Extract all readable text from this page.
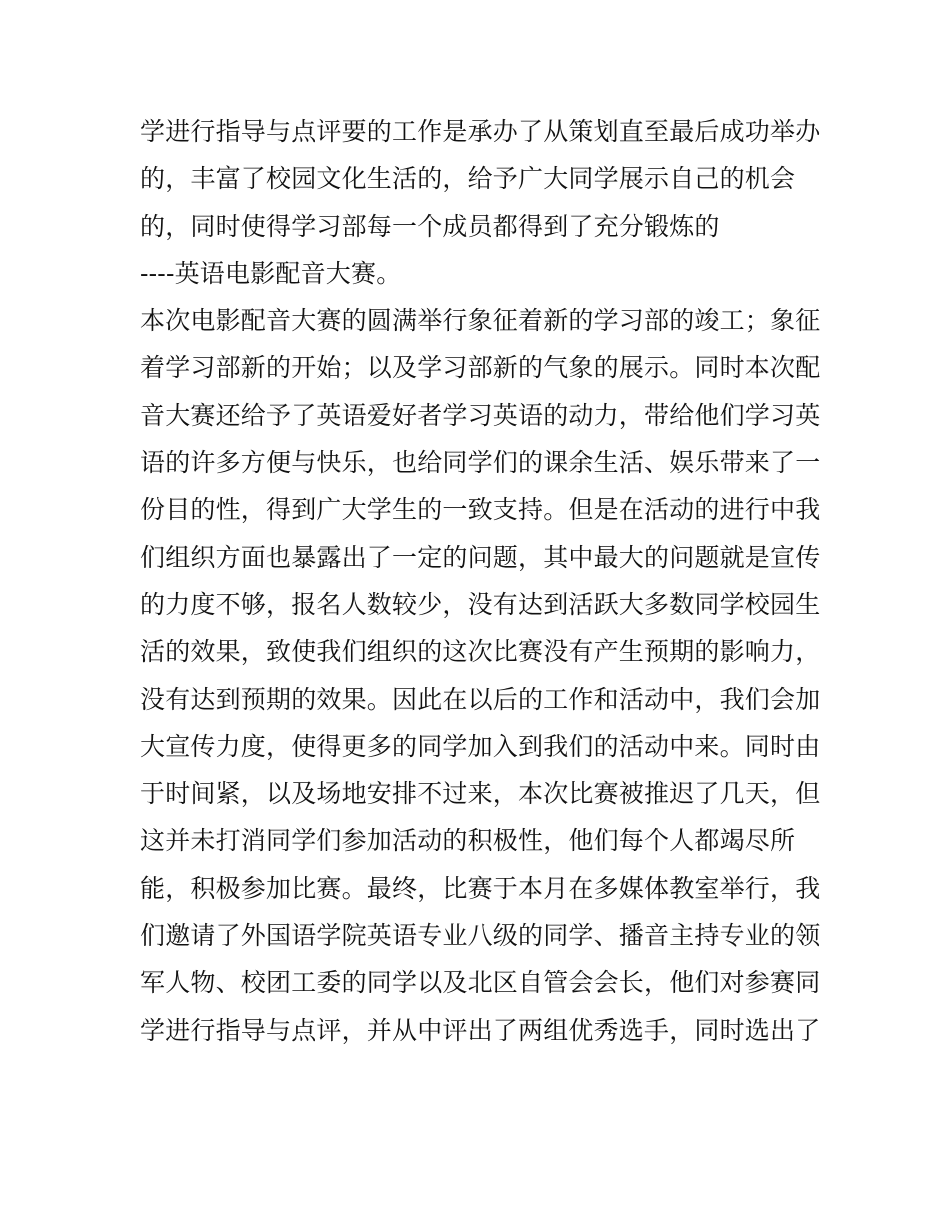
学进行指导与点评要的工作是承办了从策划直至最后成功举办
的，丰富了校园文化生活的，给予广大同学展示自己的机会
的，同时使得学习部每一个成员都得到了充分锻炼的
----英语电影配音大赛。
本次电影配音大赛的圆满举行象征着新的学习部的竣工；象征
着学习部新的开始；以及学习部新的气象的展示。同时本次配
音大赛还给予了英语爱好者学习英语的动力，带给他们学习英
语的许多方便与快乐，也给同学们的课余生活、娱乐带来了一
份目的性，得到广大学生的一致支持。但是在活动的进行中我
们组织方面也暴露出了一定的问题，其中最大的问题就是宣传
的力度不够，报名人数较少，没有达到活跃大多数同学校园生
活的效果，致使我们组织的这次比赛没有产生预期的影响力，
没有达到预期的效果。因此在以后的工作和活动中，我们会加
大宣传力度，使得更多的同学加入到我们的活动中来。同时由
于时间紧，以及场地安排不过来，本次比赛被推迟了几天，但
这并未打消同学们参加活动的积极性，他们每个人都竭尽所
能，积极参加比赛。最终，比赛于本月在多媒体教室举行，我
们邀请了外国语学院英语专业八级的同学、播音主持专业的领
军人物、校团工委的同学以及北区自管会会长，他们对参赛同
学进行指导与点评，并从中评出了两组优秀选手，同时选出了
